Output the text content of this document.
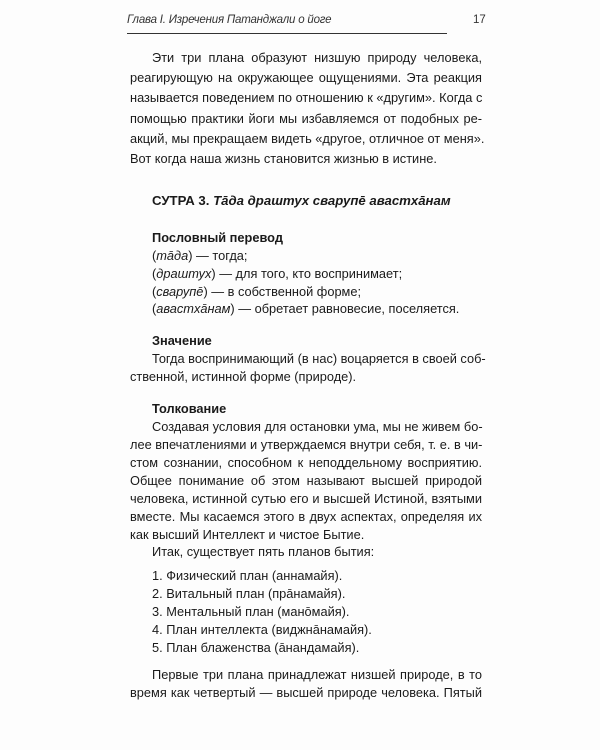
Глава I. Изречения Патанджали о йоге	17
Эти три плана образуют низшую природу человека,
реагирующую на окружающее ощущениями. Эта реакция
называется поведением по отношению к «другим». Когда с
помощью практики йоги мы избавляемся от подобных ре-
акций, мы прекращаем видеть «другое, отличное от меня».
Вот когда наша жизнь становится жизнью в истине.
СУТРА 3. Тāда драштух сварупē авастхāнам
Пословный перевод
(тāда) — тогда;
(драштух) — для того, кто воспринимает;
(сварупē) — в собственной форме;
(авастхāнам) — обретает равновесие, поселяется.
Значение
Тогда воспринимающий (в нас) воцаряется в своей соб-
ственной, истинной форме (природе).
Толкование
Создавая условия для остановки ума, мы не живем бо-
лее впечатлениями и утверждаемся внутри себя, т. е. в чи-
стом сознании, способном к неподдельному восприятию.
Общее понимание об этом называют высшей природой
человека, истинной сутью его и высшей Истиной, взятыми
вместе. Мы касаемся этого в двух аспектах, определяя их
как высший Интеллект и чистое Бытие.
Итак, существует пять планов бытия:
1. Физический план (аннамайя).
2. Витальный план (прāнамайя).
3. Ментальный план (манōмайя).
4. План интеллекта (виджнāнамайя).
5. План блаженства (āнандамайя).
Первые три плана принадлежат низшей природе, в то
время как четвертый — высшей природе человека. Пятый
